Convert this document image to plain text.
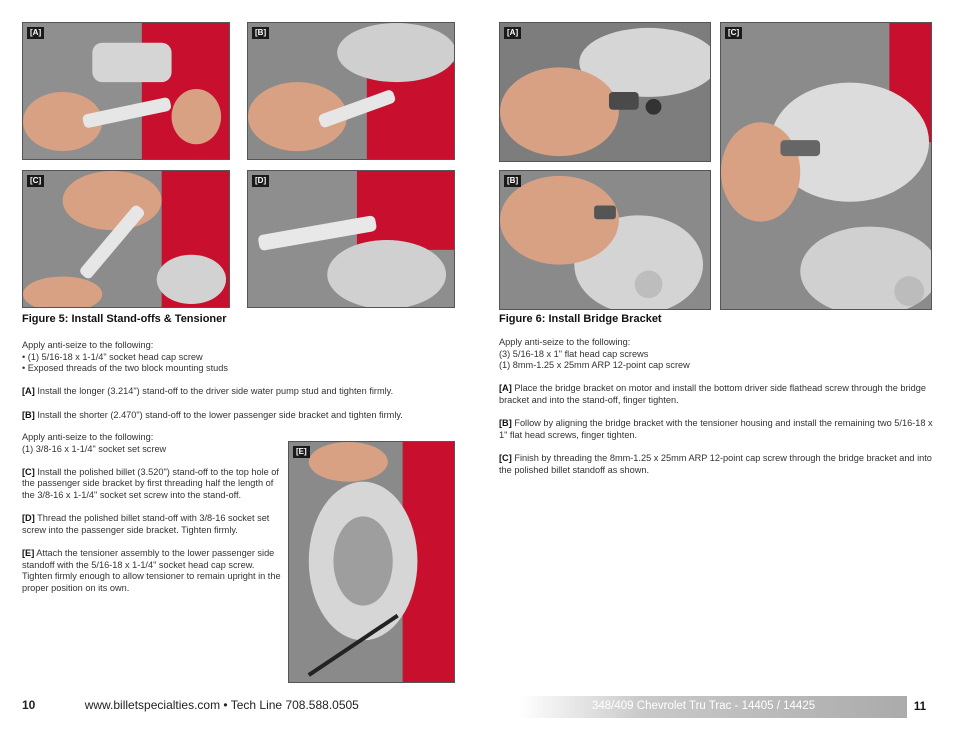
[A]	[B]
[C]	[D]
[E]
Figure 5: Install Stand-offs & Tensioner

Apply anti-seize to the following:

• (1) 5/16-18 x 1-1/4" socket head cap screw

• Exposed threads of the two block mounting studs

[A] Install the longer (3.214") stand-off to the driver side water pump stud and tighten firmly.

[B] Install the shorter (2.470") stand-off to the lower passenger side bracket and tighten firmly.

Apply anti-seize to the following:

(1) 3/8-16 x 1-1/4" socket set screw

[C] Install the polished billet (3.520") stand-off to the top hole of the passenger side bracket by first threading half the length of the 3/8-16 x 1-1/4" socket set screw into the stand-off.

[D] Thread the polished billet stand-off with 3/8-16 socket set screw into the passenger side bracket. Tighten firmly.

[E] Attach the tensioner assembly to the lower passenger side standoff with the 5/16-18 x 1-1/4" socket head cap screw. Tighten firmly enough to allow tensioner to remain upright in the proper position on its own.

[A]
[B]
[C]
Figure 6: Install Bridge Bracket

Apply anti-seize to the following:

(3) 5/16-18 x 1" flat head cap screws

(1) 8mm-1.25 x 25mm ARP 12-point cap screw

[A] Place the bridge bracket on motor and install the bottom driver side flathead screw through the bridge bracket and into the stand-off, finger tighten.

[B] Follow by aligning the bridge bracket with the tensioner housing and install the remaining two 5/16-18 x 1" flat head screws, finger tighten.

[C] Finish by threading the 8mm-1.25 x 25mm ARP 12-point cap screw through the bridge bracket and into the polished billet standoff as shown.

10	www.billetspecialties.com • Tech Line 708.588.0505	348/409 Chevrolet Tru Trac - 14405 / 14425	11
